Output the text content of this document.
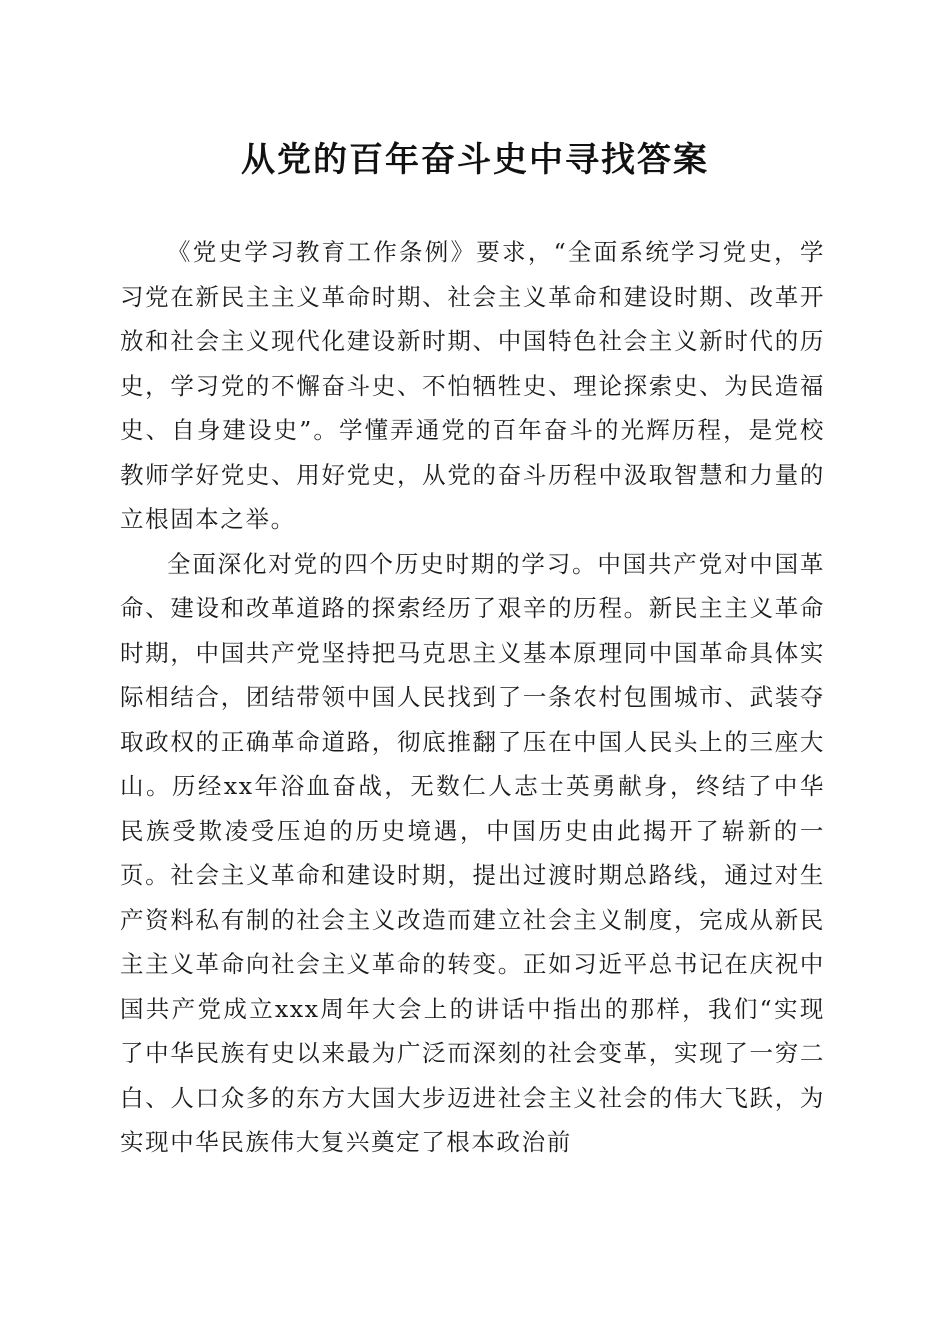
从党的百年奋斗史中寻找答案

《党史学习教育工作条例》要求，“全面系统学习党史，学习党在新民主主义革命时期、社会主义革命和建设时期、改革开放和社会主义现代化建设新时期、中国特色社会主义新时代的历史，学习党的不懈奋斗史、不怕牺牲史、理论探索史、为民造福史、自身建设史”。学懂弄通党的百年奋斗的光辉历程，是党校教师学好党史、用好党史，从党的奋斗历程中汲取智慧和力量的立根固本之举。

全面深化对党的四个历史时期的学习。中国共产党对中国革命、建设和改革道路的探索经历了艰辛的历程。新民主主义革命时期，中国共产党坚持把马克思主义基本原理同中国革命具体实际相结合，团结带领中国人民找到了一条农村包围城市、武装夺取政权的正确革命道路，彻底推翻了压在中国人民头上的三座大山。历经xx年浴血奋战，无数仁人志士英勇献身，终结了中华民族受欺凌受压迫的历史境遇，中国历史由此揭开了崭新的一页。社会主义革命和建设时期，提出过渡时期总路线，通过对生产资料私有制的社会主义改造而建立社会主义制度，完成从新民主主义革命向社会主义革命的转变。正如习近平总书记在庆祝中国共产党成立xxx周年大会上的讲话中指出的那样，我们“实现了中华民族有史以来最为广泛而深刻的社会变革，实现了一穷二白、人口众多的东方大国大步迈进社会主义社会的伟大飞跃，为实现中华民族伟大复兴奠定了根本政治前
